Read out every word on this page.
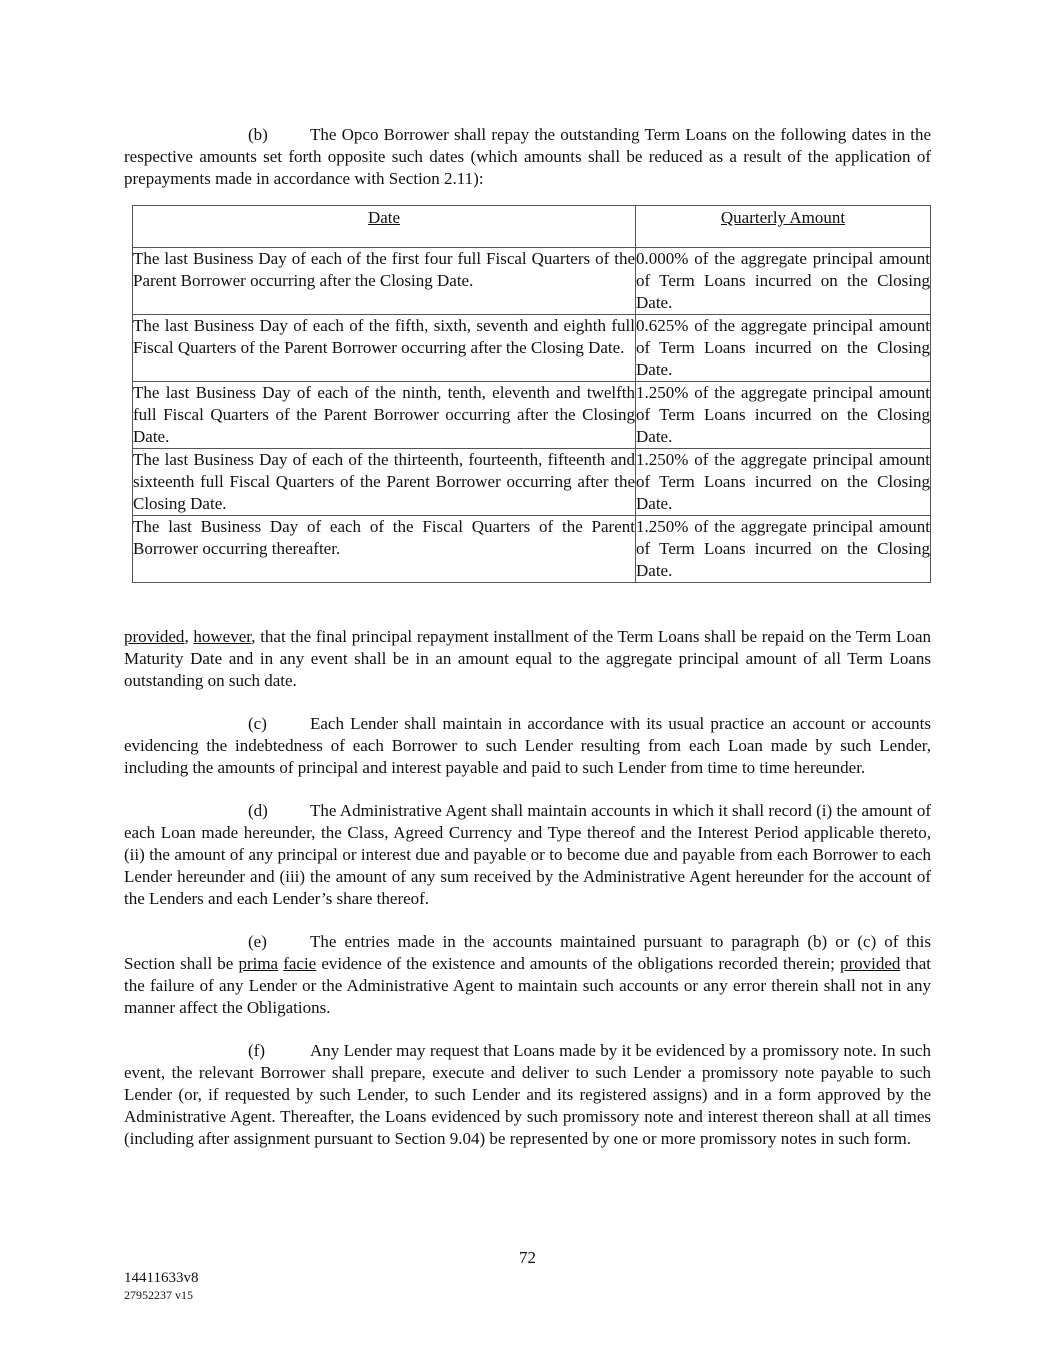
(b) The Opco Borrower shall repay the outstanding Term Loans on the following dates in the respective amounts set forth opposite such dates (which amounts shall be reduced as a result of the application of prepayments made in accordance with Section 2.11):

Date	Quarterly Amount
The last Business Day of each of the first four full Fiscal Quarters of the Parent Borrower occurring after the Closing Date.	0.000% of the aggregate principal amount of Term Loans incurred on the Closing Date.
The last Business Day of each of the fifth, sixth, seventh and eighth full Fiscal Quarters of the Parent Borrower occurring after the Closing Date.	0.625% of the aggregate principal amount of Term Loans incurred on the Closing Date.
The last Business Day of each of the ninth, tenth, eleventh and twelfth full Fiscal Quarters of the Parent Borrower occurring after the Closing Date.	1.250% of the aggregate principal amount of Term Loans incurred on the Closing Date.
The last Business Day of each of the thirteenth, fourteenth, fifteenth and sixteenth full Fiscal Quarters of the Parent Borrower occurring after the Closing Date.	1.250% of the aggregate principal amount of Term Loans incurred on the Closing Date.
The last Business Day of each of the Fiscal Quarters of the Parent Borrower occurring thereafter.	1.250% of the aggregate principal amount of Term Loans incurred on the Closing Date.

provided, however, that the final principal repayment installment of the Term Loans shall be repaid on the Term Loan Maturity Date and in any event shall be in an amount equal to the aggregate principal amount of all Term Loans outstanding on such date.

(c)	Each Lender shall maintain in accordance with its usual practice an account or accounts evidencing the indebtedness of each Borrower to such Lender resulting from each Loan made by such Lender, including the amounts of principal and interest payable and paid to such Lender from time to time hereunder.

(d) The Administrative Agent shall maintain accounts in which it shall record (i) the amount of each Loan made hereunder, the Class, Agreed Currency and Type thereof and the Interest Period applicable thereto, (ii) the amount of any principal or interest due and payable or to become due and payable from each Borrower to each Lender hereunder and (iii) the amount of any sum received by the Administrative Agent hereunder for the account of the Lenders and each Lender’s share thereof.

(e)	The entries made in the accounts maintained pursuant to paragraph (b) or (c) of this Section shall be prima facie evidence of the existence and amounts of the obligations recorded therein; provided that the failure of any Lender or the Administrative Agent to maintain such accounts or any error therein shall not in any manner affect the Obligations.

(f)	Any Lender may request that Loans made by it be evidenced by a promissory note. In such event, the relevant Borrower shall prepare, execute and deliver to such Lender a promissory note payable to such Lender (or, if requested by such Lender, to such Lender and its registered assigns) and in a form approved by the Administrative Agent. Thereafter, the Loans evidenced by such promissory note and interest thereon shall at all times (including after assignment pursuant to Section 9.04) be represented by one or more promissory notes in such form.

72
14411633v8
27952237 v15
